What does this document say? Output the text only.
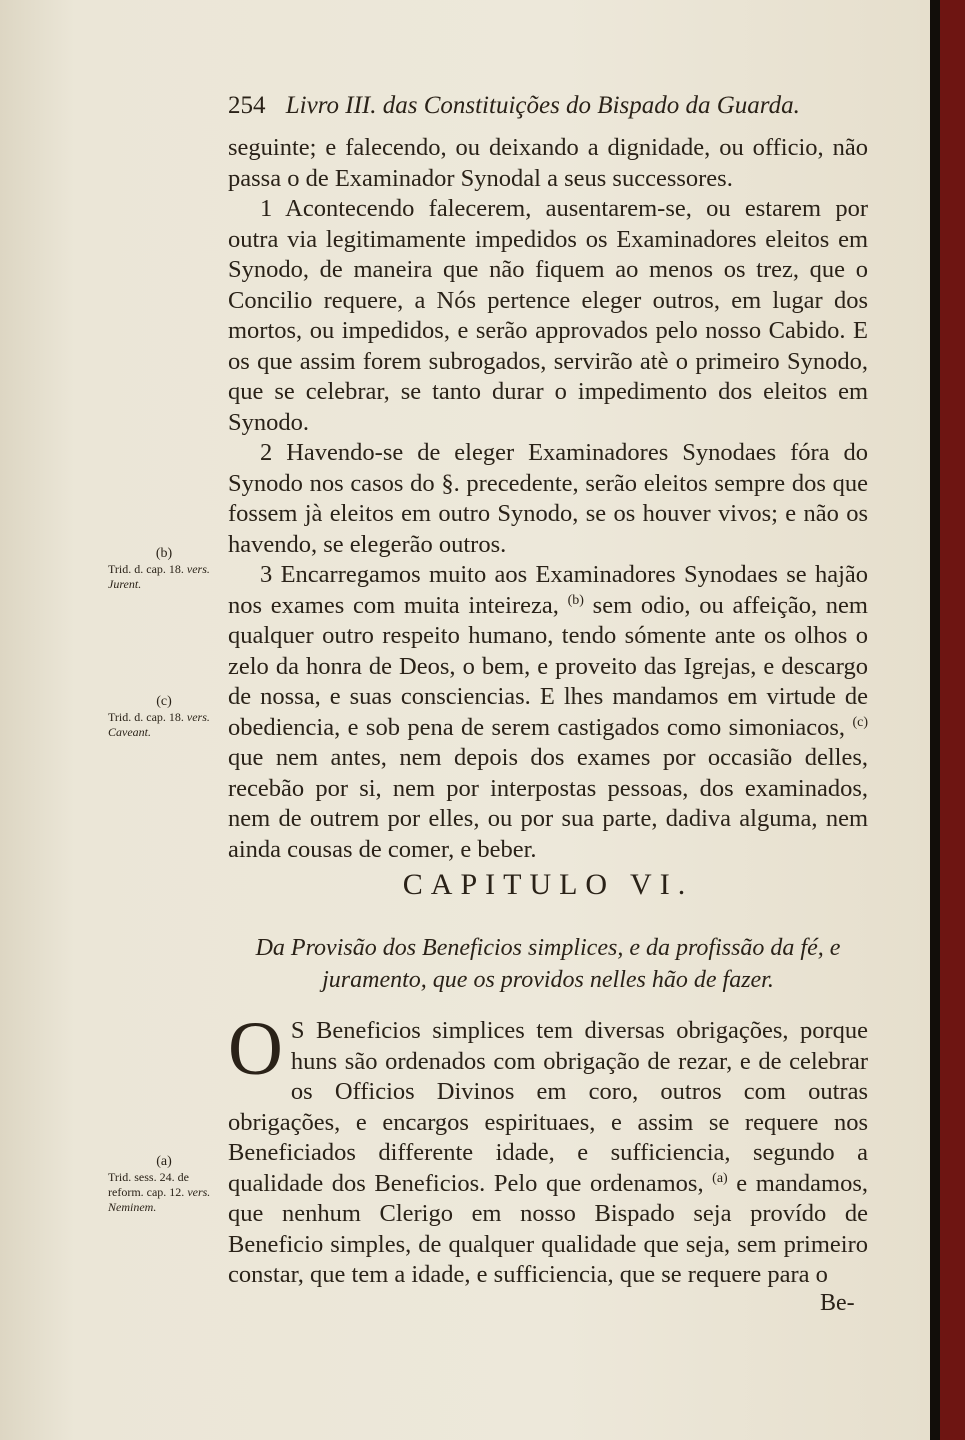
254 Livro III. das Constituições do Bispado da Guarda.

seguinte; e falecendo, ou deixando a dignidade, ou officio, não passa o de Examinador Synodal a seus successores.

1 Acontecendo falecerem, ausentarem-se, ou estarem por outra via legitimamente impedidos os Examinadores eleitos em Synodo, de maneira que não fiquem ao menos os trez, que o Concilio requere, a Nós pertence eleger outros, em lugar dos mortos, ou impedidos, e serão approvados pelo nosso Cabido. E os que assim forem subrogados, servirão atè o primeiro Synodo, que se celebrar, se tanto durar o impedimento dos eleitos em Synodo.

2 Havendo-se de eleger Examinadores Synodaes fóra do Synodo nos casos do §. precedente, serão eleitos sempre dos que fossem jà eleitos em outro Synodo, se os houver vivos; e não os havendo, se elegerão outros.

3 Encarregamos muito aos Examinadores Synodaes se hajão nos exames com muita inteireza, $^{(b)}$ sem odio, ou affeição, nem qualquer outro respeito humano, tendo sómente ante os olhos o zelo da honra de Deos, o bem, e proveito das Igrejas, e descargo de nossa, e suas consciencias. E lhes mandamos em virtude de obediencia, e sob pena de serem castigados como simoniacos, $^{(c)}$ que nem antes, nem depois dos exames por occasião delles, recebão por si, nem por interpostas pessoas, dos examinados, nem de outrem por elles, ou por sua parte, dadiva alguma, nem ainda cousas de comer, e beber.

CAPITULO VI.
Da Provisão dos Beneficios simplices, e da profissão da fé, e juramento, que os providos nelles hão de fazer.
O S Beneficios simplices tem diversas obrigações, porque huns são ordenados com obrigação de rezar, e de celebrar os Officios Divinos em coro, outros com outras obrigações, e encargos espirituaes, e assim se requere nos Beneficiados differente idade, e sufficiencia, segundo a qualidade dos Beneficios. Pelo que ordenamos, $^{(a)}$ e mandamos, que nenhum Clerigo em nosso Bispado seja provído de Beneficio simples, de qualquer qualidade que seja, sem primeiro constar, que tem a idade, e sufficiencia, que se requere para o
Be-
(b)
Trid. d. cap. 18. vers. Jurent.
(c)
Trid. d. cap. 18. vers. Caveant.
(a)
Trid. sess. 24. de reform. cap. 12. vers. Neminem.
